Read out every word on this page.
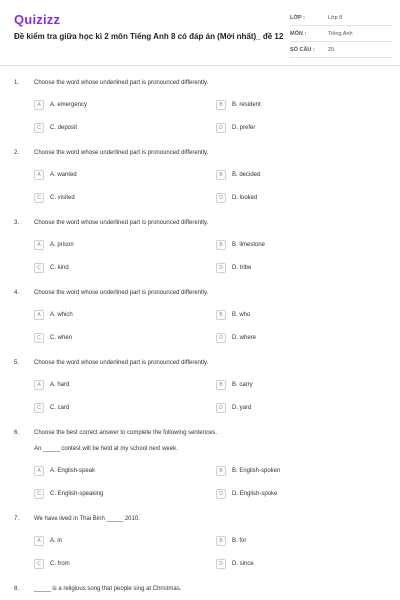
Quizizz
Đề kiểm tra giữa học kì 2 môn Tiếng Anh 8 có đáp án (Mới nhất)_ đề 12
LỚP :	Lớp 8
MÔN :	Tiếng Anh
SỐ CÂU :	29
1. Choose the word whose underlined part is pronounced differently.
A	A. emergency	B	B. resident
C	C. deposit	D	D. prefer
2. Choose the word whose underlined part is pronounced differently.
A	A. wanted	B	B. decided
C	C. visited	D	D. looked
3. Choose the word whose underlined part is pronounced differently.
A	A. prison	B	B. limestone
C	C. kind	D	D. tribe
4. Choose the word whose underlined part is pronounced differently.
A	A. which	B	B. who
C	C. when	D	D. where
5. Choose the word whose underlined part is pronounced differently.
A	A. hard	B	B. carry
C	C. card	D	D. yard
6. Choose the best correct answer to complete the following sentences.
An _____ contest will be held at my school next week.
A	A. English-speak	B	B. English-spoken
C	C. English-speaking	D	D. English-spoke
7. We have lived in Thai Binh _____ 2010.
A	A. in	B	B. for
C	C. from	D	D. since
8. _____ is a religious song that people sing at Christmas.
